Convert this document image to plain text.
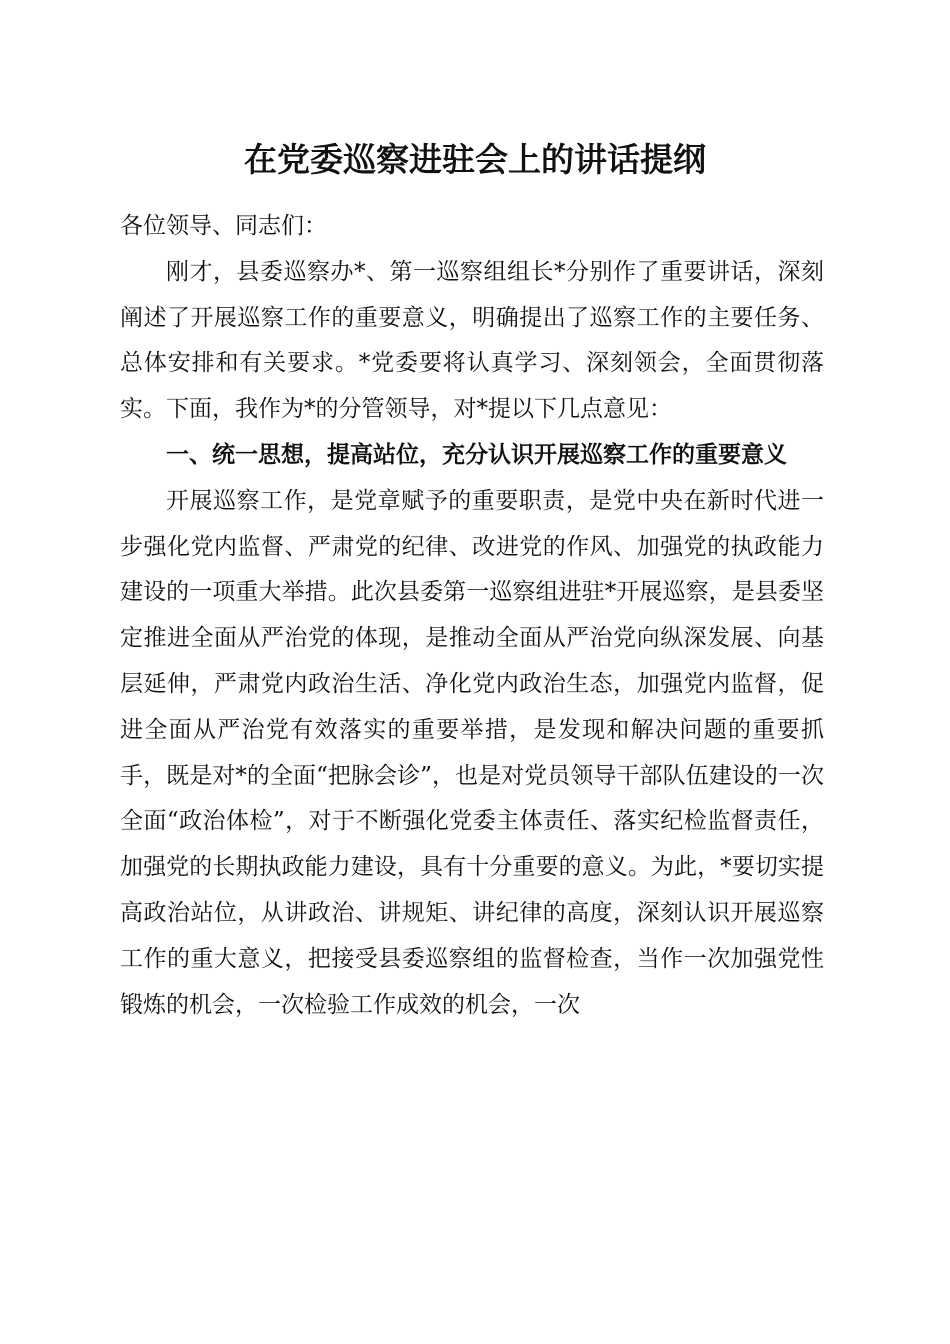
在党委巡察进驻会上的讲话提纲

各位领导、同志们：

刚才，县委巡察办*、第一巡察组组长*分别作了重要讲话，深刻阐述了开展巡察工作的重要意义，明确提出了巡察工作的主要任务、总体安排和有关要求。*党委要将认真学习、深刻领会，全面贯彻落实。下面，我作为*的分管领导，对*提以下几点意见：

一、统一思想，提高站位，充分认识开展巡察工作的重要意义

开展巡察工作，是党章赋予的重要职责，是党中央在新时代进一步强化党内监督、严肃党的纪律、改进党的作风、加强党的执政能力建设的一项重大举措。此次县委第一巡察组进驻*开展巡察，是县委坚定推进全面从严治党的体现，是推动全面从严治党向纵深发展、向基层延伸，严肃党内政治生活、净化党内政治生态，加强党内监督，促进全面从严治党有效落实的重要举措，是发现和解决问题的重要抓手，既是对*的全面“把脉会诊”，也是对党员领导干部队伍建设的一次全面“政治体检”，对于不断强化党委主体责任、落实纪检监督责任，加强党的长期执政能力建设，具有十分重要的意义。为此，*要切实提高政治站位，从讲政治、讲规矩、讲纪律的高度，深刻认识开展巡察工作的重大意义，把接受县委巡察组的监督检查，当作一次加强党性锻炼的机会，一次检验工作成效的机会，一次
